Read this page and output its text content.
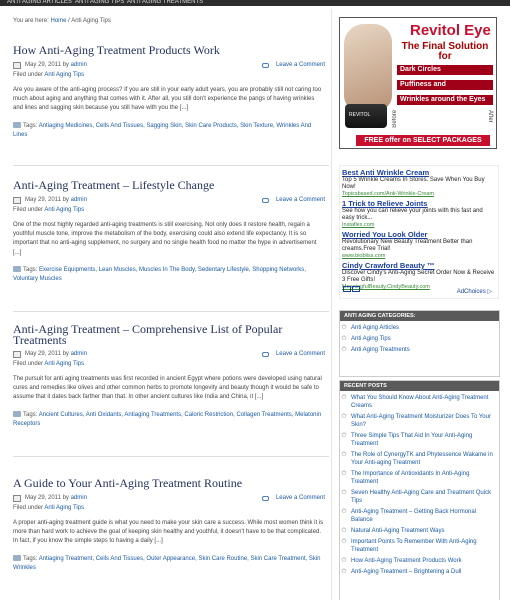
ANTI AGING ARTICLES ANTI AGING TIPS ANTI AGING TREATMENTS
You are here: Home / Anti Aging Tips
How Anti-Aging Treatment Products Work
May 29, 2011 by admin	Leave a Comment
Filed under Anti Aging Tips
Are you aware of the anti-aging process? If you are still in your early adult years, you are probably still not caring too much about aging and anything that comes with it. After all, you still don't experience the pangs of having wrinkles and lines and sagging skin because you still have with you the [...]
Tags: Antiaging Medicines, Cells And Tissues, Sagging Skin, Skin Care Products, Skin Texture, Wrinkles And Lines
Anti-Aging Treatment – Lifestyle Change
May 29, 2011 by admin	Leave a Comment
Filed under Anti Aging Tips
One of the most highly regarded anti-aging treatments is still exercising. Not only does it restore health, regain a youthful muscle tone, improve the metabolism of the body, exercising could also extend life expectancy. It is so important that no anti-aging supplement, no surgery and no single health food no matter the hype in advertisement [...]
Tags: Exercise Equipments, Lean Muscles, Muscles In The Body, Sedentary Lifestyle, Shopping Networks, Voluntary Muscles
Anti-Aging Treatment – Comprehensive List of Popular Treatments
May 29, 2011 by admin	Leave a Comment
Filed under Anti Aging Tips
The pursuit for anti aging treatments was first recorded in ancient Egypt where potions were developed using natural cures and remedies like olives and other common herbs to promote longevity and beauty though it would be safe to assume that it dates back farther than that. In other ancient cultures like India and China, it [...]
Tags: Ancient Cultures, Anti Oxidants, Antiaging Treatments, Caloric Restriction, Collagen Treatments, Melatonin Receptors
A Guide to Your Anti-Aging Treatment Routine
May 29, 2011 by admin	Leave a Comment
Filed under Anti Aging Tips
A proper anti-aging treatment guide is what you need to make your skin care a success. While most women think it is more than hard work to achieve the goal of keeping skin healthy and youthful, it doesn't have to be that complicated. In fact, if you know the simple steps to having a daily [...]
Tags: Antiaging Treatment, Cells And Tissues, Outer Appearance, Skin Care Routine, Skin Care Treatment, Skin Wrinkles
Revitol Eye
The Final Solution for
Dark Circles
Puffiness and
Wrinkles around the Eyes
REVITOL	Before	After
FREE offer on SELECT PACKAGES
Best Anti Wrinkle Cream
Top 5 Wrinkle Creams In Stores. Save When You Buy Now!
Topicsbased.com/Anti-Wrinkle-Cream
1 Trick to Relieve Joints
See how you can relieve your joints with this fast and easy trick...
Instaflex.com
Worried You Look Older
Revolutionary New Beauty Treatment Better than creams.Free Trial!
www.biobliss.com
Cindy Crawford Beauty ™
Discover Cindy's Anti-Aging Secret Order Now & Receive 3 Free Gifts!
MeaningfulBeauty.CindyBeauty.com
AdChoices ▷
ANTI AGING CATEGORIES:
✩ Anti Aging Articles
✩ Anti Aging Tips
✩ Anti Aging Treatments
RECENT POSTS
✩ What You Should Know About Anti-Aging Treatment Creams
✩ What Anti-Aging Treatment Moisturizer Does To Your Skin?
✩ Three Simple Tips That Aid In Your Anti-Aging Treatment
✩ The Role of CynergyTK and Phytessence Wakame in Your Anti-aging Treatment
✩ The Importance of Antioxidants In Anti-Aging Treatment
✩ Seven Healthy Anti-Aging Care and Treatment Quick Tips
✩ Anti-Aging Treatment – Getting Back Hormonal Balance
✩ Natural Anti-Aging Treatment Ways
✩ Important Points To Remember With Anti-Aging Treatment
✩ How Anti-Aging Treatment Products Work
✩ Anti-Aging Treatment – Brightening a Dull
